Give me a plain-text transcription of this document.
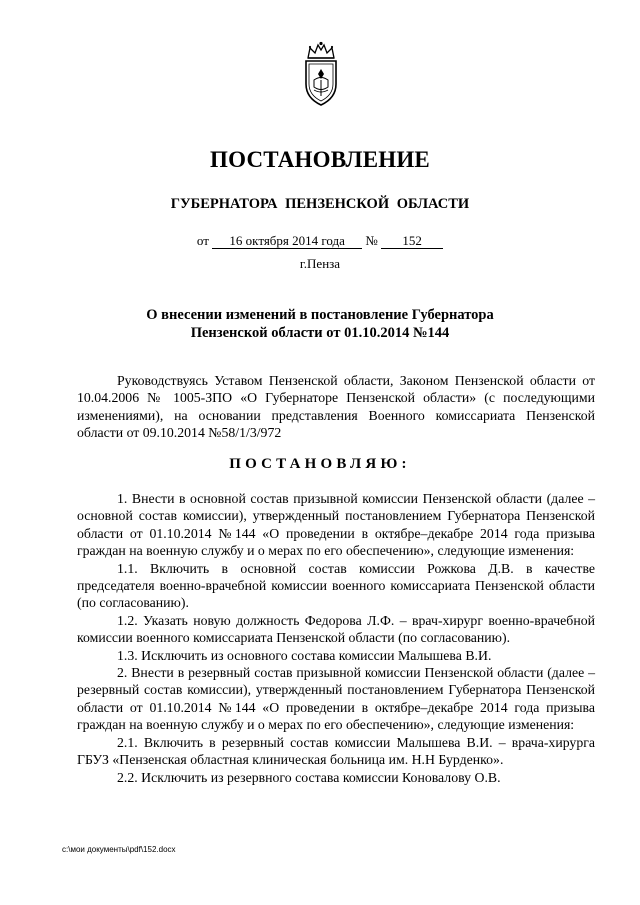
ПОСТАНОВЛЕНИЕ
ГУБЕРНАТОРА ПЕНЗЕНСКОЙ ОБЛАСТИ
от 16 октября 2014 года № 152
г.Пенза
О внесении изменений в постановление Губернатора
Пензенской области от 01.10.2014 №144

Руководствуясь Уставом Пензенской области, Законом Пензенской области от 10.04.2006 № 1005-ЗПО «О Губернаторе Пензенской области» (с последующими изменениями), на основании представления Военного комиссариата Пензенской области от 09.10.2014 №58/1/3/972

ПОСТАНОВЛЯЮ:

1. Внести в основной состав призывной комиссии Пензенской области (далее – основной состав комиссии), утвержденный постановлением Губернатора Пензенской области от 01.10.2014 №144 «О проведении в октябре–декабре 2014 года призыва граждан на военную службу и о мерах по его обеспечению», следующие изменения:

1.1. Включить в основной состав комиссии Рожкова Д.В. в качестве председателя военно-врачебной комиссии военного комиссариата Пензенской области (по согласованию).

1.2. Указать новую должность Федорова Л.Ф. – врач-хирург военно-врачебной комиссии военного комиссариата Пензенской области (по согласованию).

1.3. Исключить из основного состава комиссии Малышева В.И.

2. Внести в резервный состав призывной комиссии Пензенской области (далее – резервный состав комиссии), утвержденный постановлением Губернатора Пензенской области от 01.10.2014 №144 «О проведении в октябре–декабре 2014 года призыва граждан на военную службу и о мерах по его обеспечению», следующие изменения:

2.1. Включить в резервный состав комиссии Малышева В.И. – врача-хирурга ГБУЗ «Пензенская областная клиническая больница им. Н.Н Бурденко».

2.2. Исключить из резервного состава комиссии Коновалову О.В.

c:\мои документы\pdf\152.docx
